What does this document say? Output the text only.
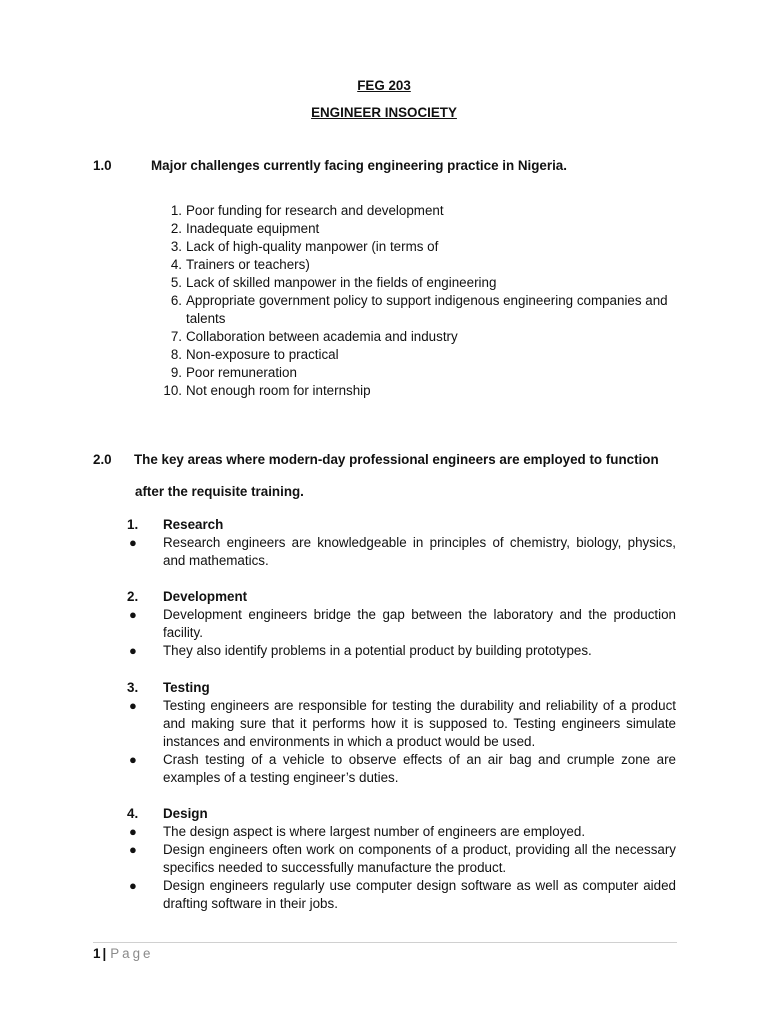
FEG 203
ENGINEER INSOCIETY
1.0	Major challenges currently facing engineering practice in Nigeria.
1. Poor funding for research and development
2. Inadequate equipment
3. Lack of high-quality manpower (in terms of
4. Trainers or teachers)
5. Lack of skilled manpower in the fields of engineering
6. Appropriate government policy to support indigenous engineering companies and talents
7. Collaboration between academia and industry
8. Non-exposure to practical
9. Poor remuneration
10. Not enough room for internship
2.0 The key areas where modern-day professional engineers are employed to function
after the requisite training.
1. Research
● Research engineers are knowledgeable in principles of chemistry, biology, physics, and mathematics.
2. Development
● Development engineers bridge the gap between the laboratory and the production facility.
● They also identify problems in a potential product by building prototypes.
3. Testing
● Testing engineers are responsible for testing the durability and reliability of a product and making sure that it performs how it is supposed to. Testing engineers simulate instances and environments in which a product would be used.
● Crash testing of a vehicle to observe effects of an air bag and crumple zone are examples of a testing engineer’s duties.
4. Design
● The design aspect is where largest number of engineers are employed.
● Design engineers often work on components of a product, providing all the necessary specifics needed to successfully manufacture the product.
● Design engineers regularly use computer design software as well as computer aided drafting software in their jobs.
1 | Page
